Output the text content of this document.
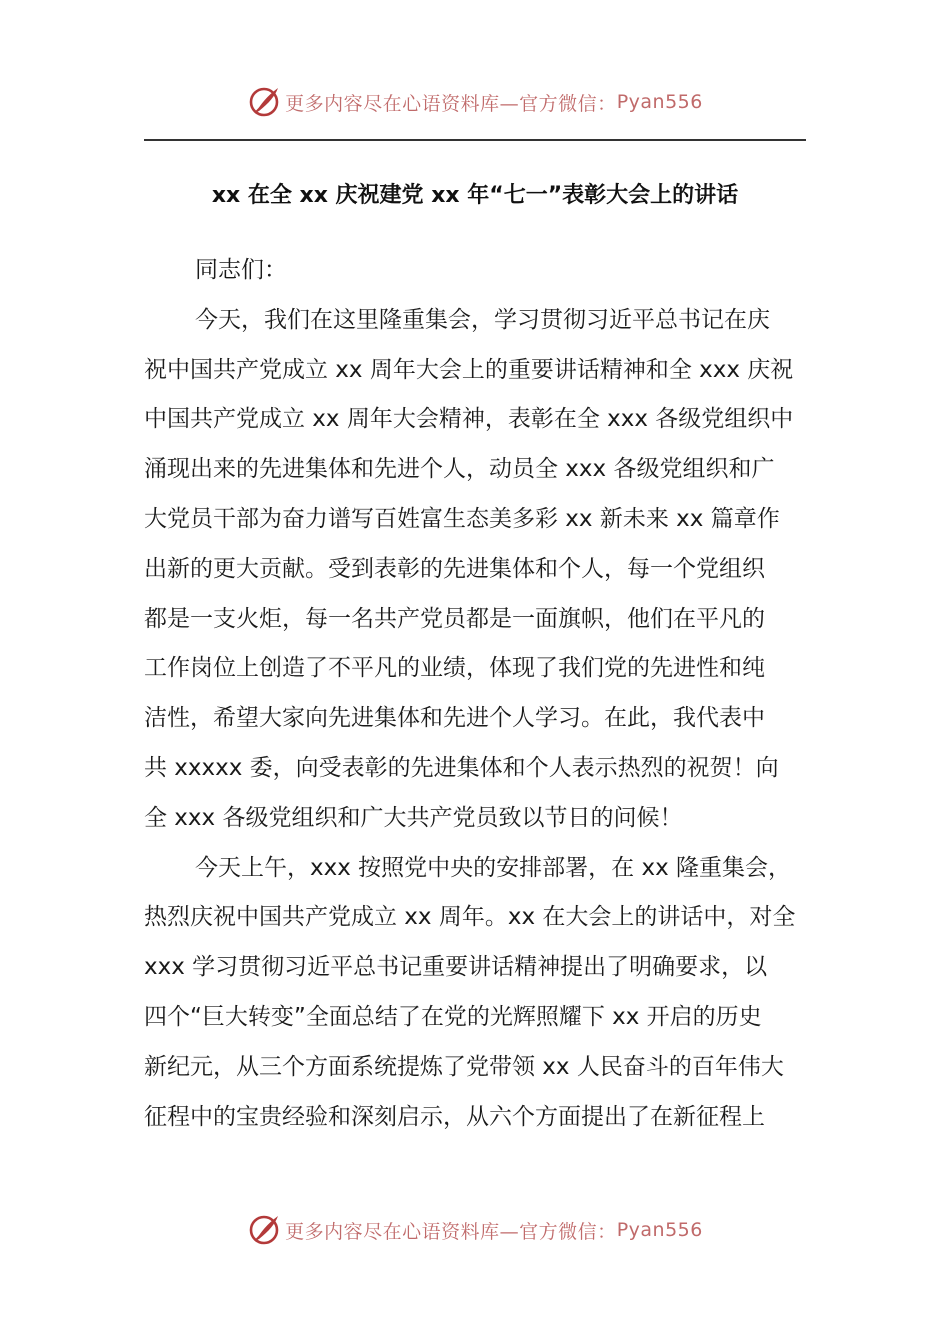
更多内容尽在心语资料库— 官方微信： Pyan556
xx 在全 xx 庆祝建党 xx 年“七一”表彰大会上的讲话
同志们：
今天，我们在这里隆重集会，学习贯彻习近平总书记在庆
祝中国共产党成立 xx 周年大会上的重要讲话精神和全 xxx 庆祝
中国共产党成立 xx 周年大会精神，表彰在全 xxx 各级党组织中
涌现出来的先进集体和先进个人，动员全 xxx 各级党组织和广
大党员干部为奋力谱写百姓富生态美多彩 xx 新未来 xx 篇章作
出新的更大贡献。受到表彰的先进集体和个人，每一个党组织
都是一支火炬，每一名共产党员都是一面旗帜，他们在平凡的
工作岗位上创造了不平凡的业绩，体现了我们党的先进性和纯
洁性，希望大家向先进集体和先进个人学习。在此，我代表中
共 xxxxx 委，向受表彰的先进集体和个人表示热烈的祝贺！向
全 xxx 各级党组织和广大共产党员致以节日的问候！
今天上午，xxx 按照党中央的安排部署，在 xx 隆重集会，
热烈庆祝中国共产党成立 xx 周年。xx 在大会上的讲话中，对全
xxx 学习贯彻习近平总书记重要讲话精神提出了明确要求，以
四个“巨大转变”全面总结了在党的光辉照耀下 xx 开启的历史
新纪元，从三个方面系统提炼了党带领 xx 人民奋斗的百年伟大
征程中的宝贵经验和深刻启示，从六个方面提出了在新征程上
更多内容尽在心语资料库— 官方微信： Pyan556
